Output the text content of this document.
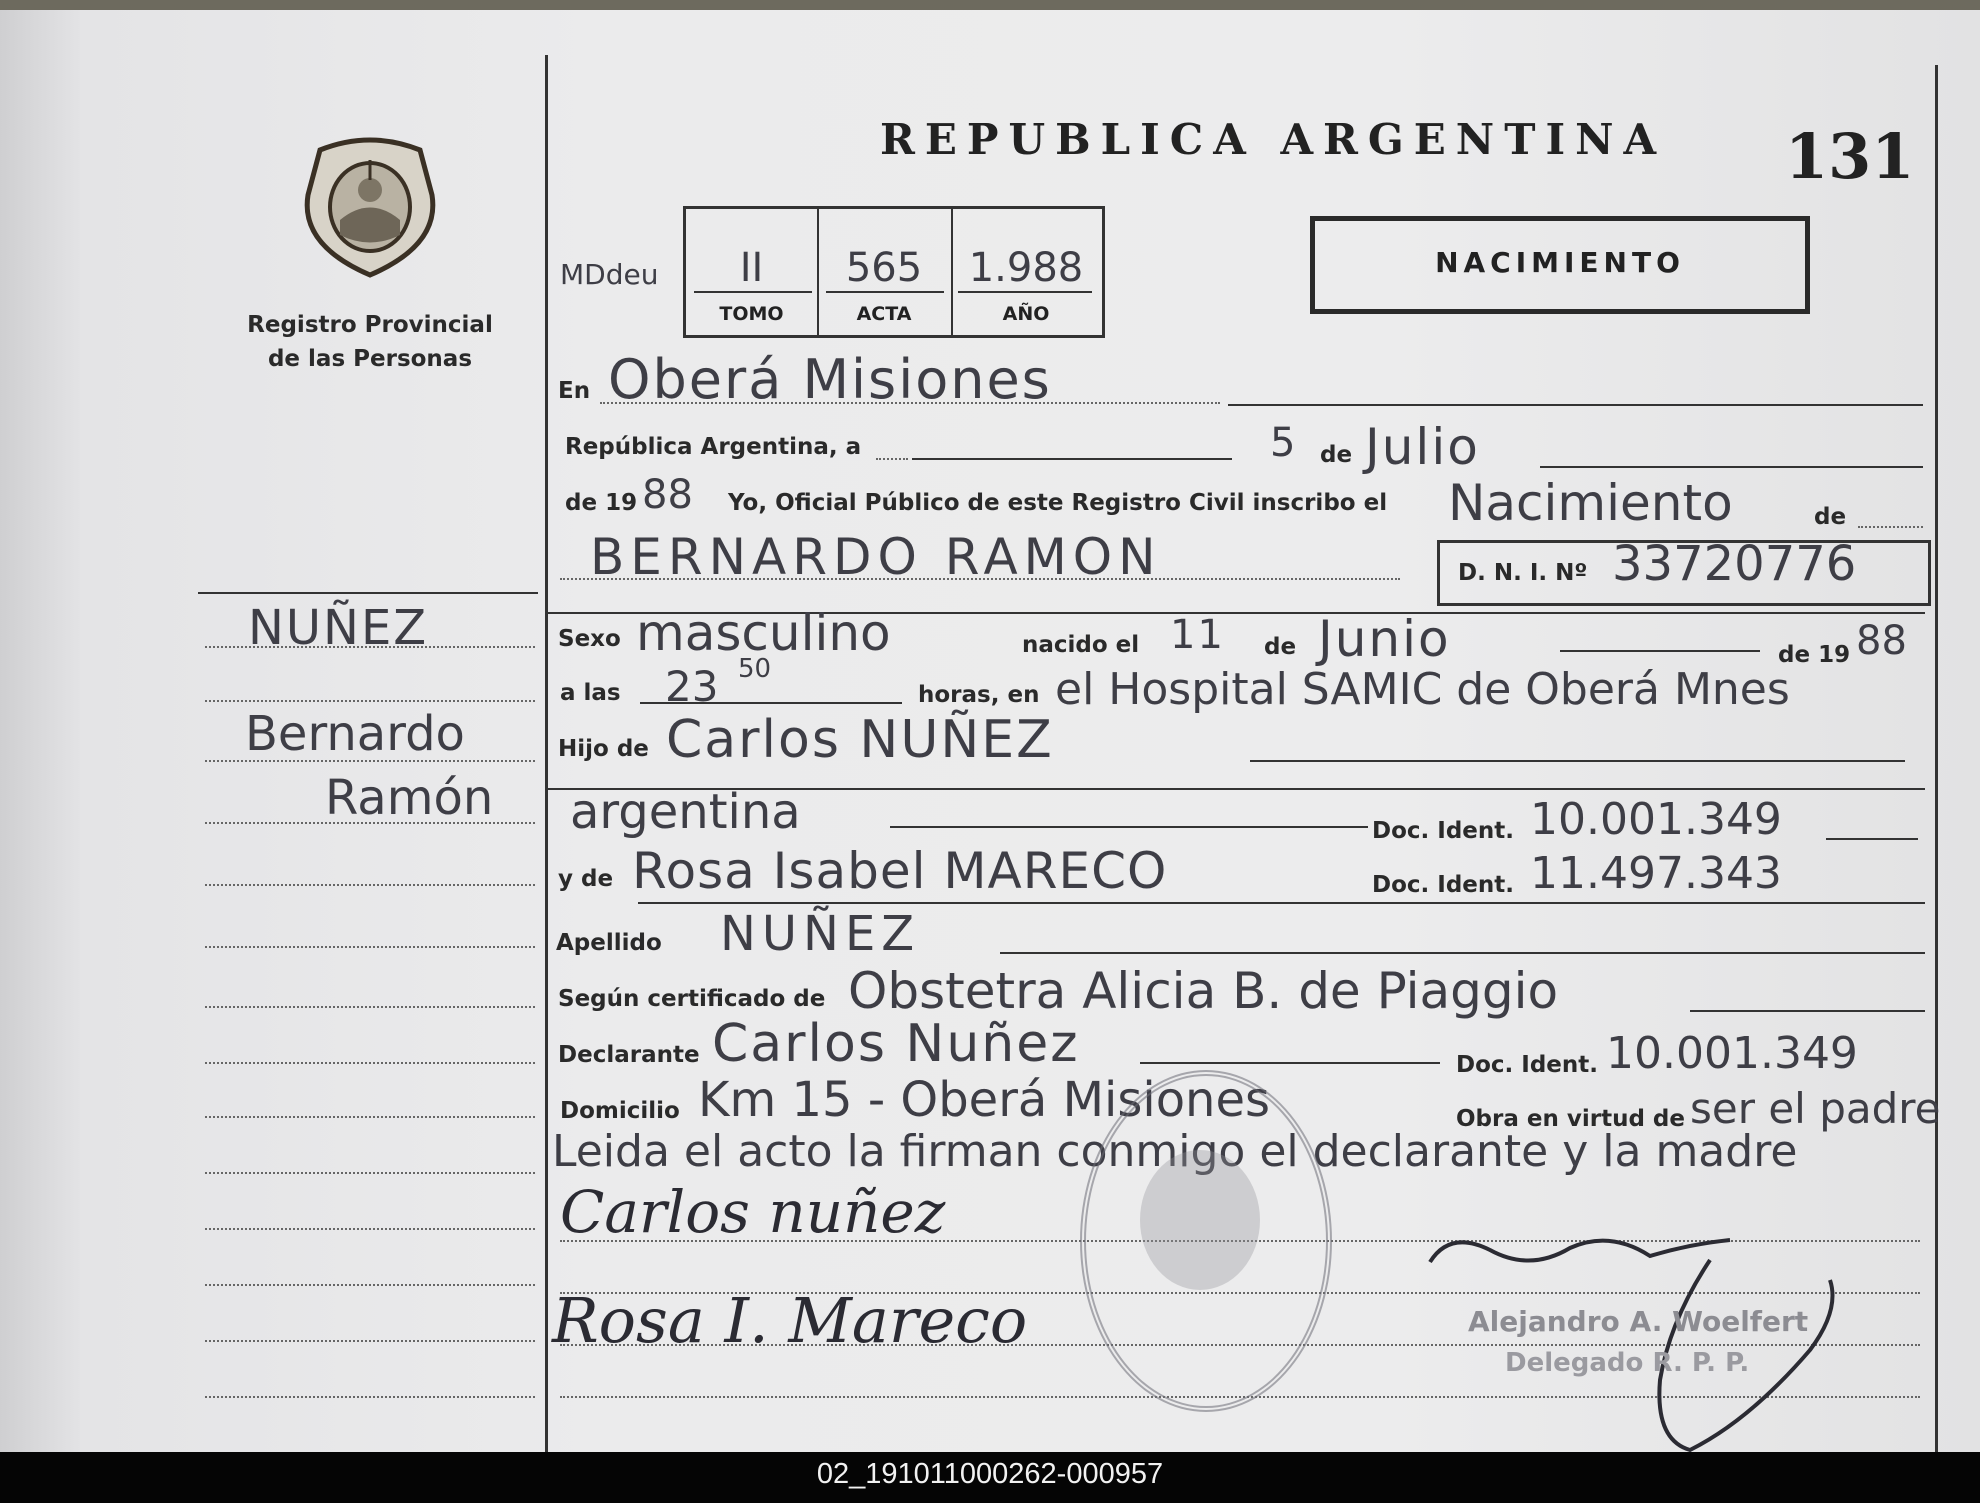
Registro Provincial
de las Personas
REPUBLICA ARGENTINA 131
MDdeu	II	565	1.988
TOMO	ACTA	AÑO
NACIMIENTO
NUÑEZ
Bernardo
Ramón
En Oberá Misiones
República Argentina, a	5 de Julio
de 19 88 Yo, Oficial Público de este Registro Civil inscribo el Nacimiento	de
BERNARDO RAMON	D. N. I. Nº 33720776
Sexo masculino	nacido el 11 de Junio	de 19 88
a las 23 50
horas, en el Hospital SAMIC de Oberá Mnes
Hijo de Carlos NUÑEZ
argentina	Doc. Ident. 10.001.349
y de Rosa Isabel MARECO	Doc. Ident. 11.497.343
Apellido NUÑEZ
Según certificado de Obstetra Alicia B. de Piaggio
Declarante Carlos Nuñez	Doc. Ident. 10.001.349
Domicilio Km 15 - Oberá Misiones	Obra en virtud de ser el padre
Leida el acto la firman conmigo el declarante y la madre
Carlos nuñez
Rosa I. Mareco	Alejandro A. Woelfert
Delegado R. P. P.
02_191011000262-000957
